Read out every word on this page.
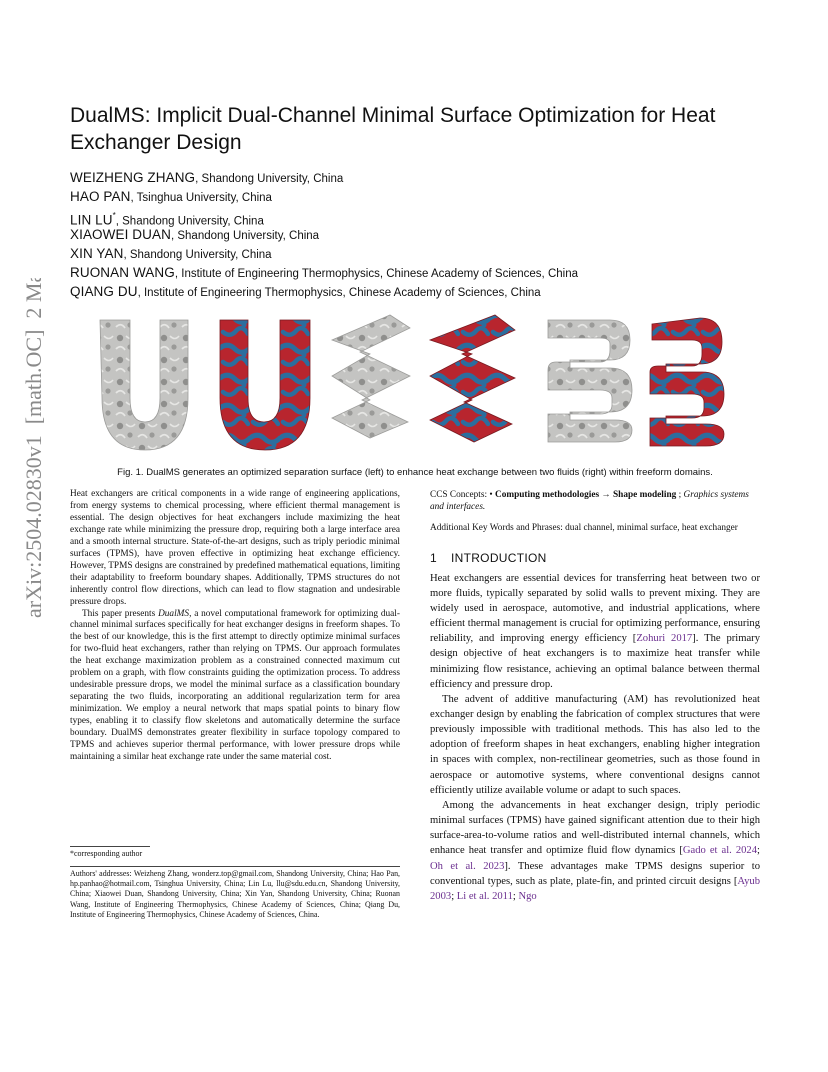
arXiv:2504.02830v1  [math.OC]  2 Mar 2025
DualMS: Implicit Dual-Channel Minimal Surface Optimization for Heat Exchanger Design
WEIZHENG ZHANG, Shandong University, China
HAO PAN, Tsinghua University, China
LIN LU*, Shandong University, China
XIAOWEI DUAN, Shandong University, China
XIN YAN, Shandong University, China
RUONAN WANG, Institute of Engineering Thermophysics, Chinese Academy of Sciences, China
QIANG DU, Institute of Engineering Thermophysics, Chinese Academy of Sciences, China
Fig. 1. DualMS generates an optimized separation surface (left) to enhance heat exchange between two fluids (right) within freeform domains.

Heat exchangers are critical components in a wide range of engineering applications, from energy systems to chemical processing, where efficient thermal management is essential. The design objectives for heat exchangers include maximizing the heat exchange rate while minimizing the pressure drop, requiring both a large interface area and a smooth internal structure. State-of-the-art designs, such as triply periodic minimal surfaces (TPMS), have proven effective in optimizing heat exchange efficiency. However, TPMS designs are constrained by predefined mathematical equations, limiting their adaptability to freeform boundary shapes. Additionally, TPMS structures do not inherently control flow directions, which can lead to flow stagnation and undesirable pressure drops.

This paper presents DualMS, a novel computational framework for optimizing dual-channel minimal surfaces specifically for heat exchanger designs in freeform shapes. To the best of our knowledge, this is the first attempt to directly optimize minimal surfaces for two-fluid heat exchangers, rather than relying on TPMS. Our approach formulates the heat exchange maximization problem as a constrained connected maximum cut problem on a graph, with flow constraints guiding the optimization process. To address undesirable pressure drops, we model the minimal surface as a classification boundary separating the two fluids, incorporating an additional regularization term for area minimization. We employ a neural network that maps spatial points to binary flow types, enabling it to classify flow skeletons and automatically determine the surface boundary. DualMS demonstrates greater flexibility in surface topology compared to TPMS and achieves superior thermal performance, with lower pressure drops while maintaining a similar heat exchange rate under the same material cost.

*corresponding author
Authors' addresses: Weizheng Zhang, wonderz.top@gmail.com, Shandong University, China; Hao Pan, hp.panhao@hotmail.com, Tsinghua University, China; Lin Lu, llu@sdu.edu.cn, Shandong University, China; Xiaowei Duan, Shandong University, China; Xin Yan, Shandong University, China; Ruonan Wang, Institute of Engineering Thermophysics, Chinese Academy of Sciences, China; Qiang Du, Institute of Engineering Thermophysics, Chinese Academy of Sciences, China.

CCS Concepts: • Computing methodologies → Shape modeling ; Graphics systems and interfaces.

Additional Key Words and Phrases: dual channel, minimal surface, heat exchanger

1 INTRODUCTION

Heat exchangers are essential devices for transferring heat between two or more fluids, typically separated by solid walls to prevent mixing. They are widely used in aerospace, automotive, and industrial applications, where efficient thermal management is crucial for optimizing performance, ensuring reliability, and improving energy efficiency [Zohuri 2017]. The primary design objective of heat exchangers is to maximize heat transfer while minimizing flow resistance, achieving an optimal balance between thermal efficiency and pressure drop.

The advent of additive manufacturing (AM) has revolutionized heat exchanger design by enabling the fabrication of complex structures that were previously impossible with traditional methods. This has also led to the adoption of freeform shapes in heat exchangers, enabling higher integration in spaces with complex, non-rectilinear geometries, such as those found in aerospace or automotive systems, where conventional designs cannot efficiently utilize available volume or adapt to such spaces.

Among the advancements in heat exchanger design, triply periodic minimal surfaces (TPMS) have gained significant attention due to their high surface-area-to-volume ratios and well-distributed internal channels, which enhance heat transfer and optimize fluid flow dynamics [Gado et al. 2024; Oh et al. 2023]. These advantages make TPMS designs superior to conventional types, such as plate, plate-fin, and printed circuit designs [Ayub 2003; Li et al. 2011; Ngo
